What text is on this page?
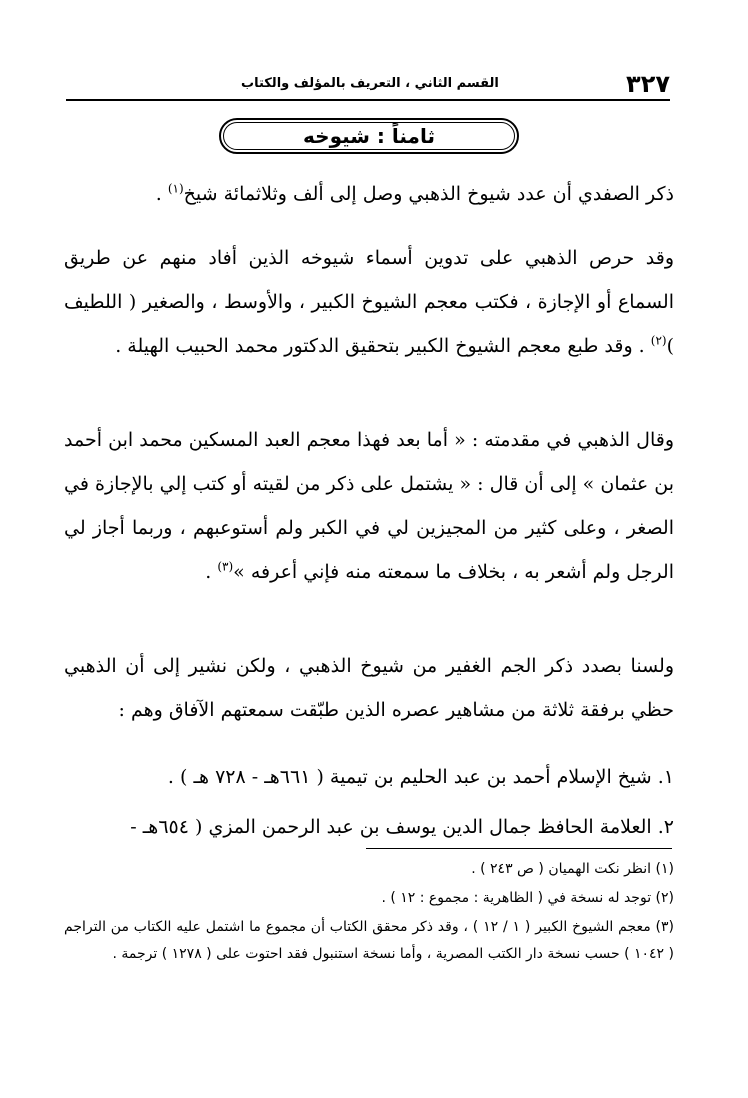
٣٢٧
القسم الثاني ، التعريف بالمؤلف والكتاب
ثامناً : شيوخه
ذكر الصفدي أن عدد شيوخ الذهبي وصل إلى ألف وثلاثمائة شيخ$^{(١)}$ .
وقد حرص الذهبي على تدوين أسماء شيوخه الذين أفاد منهم عن طريق السماع أو الإجازة ، فكتب معجم الشيوخ الكبير ، والأوسط ، والصغير ( اللطيف )$^{(٢)}$ . وقد طبع معجم الشيوخ الكبير بتحقيق الدكتور محمد الحبيب الهيلة .
وقال الذهبي في مقدمته : « أما بعد فهذا معجم العبد المسكين محمد ابن أحمد بن عثمان » إلى أن قال : « يشتمل على ذكر من لقيته أو كتب إلي بالإجازة في الصغر ، وعلى كثير من المجيزين لي في الكبر ولم أستوعبهم ، وربما أجاز لي الرجل ولم أشعر به ، بخلاف ما سمعته منه فإني أعرفه »$^{(٣)}$ .
ولسنا بصدد ذكر الجم الغفير من شيوخ الذهبي ، ولكن نشير إلى أن الذهبي حظي برفقة ثلاثة من مشاهير عصره الذين طبّقت سمعتهم الآفاق وهم :
١. شيخ الإسلام أحمد بن عبد الحليم بن تيمية ( ٦٦١هـ - ٧٢٨ هـ ) .
٢. العلامة الحافظ جمال الدين يوسف بن عبد الرحمن المزي ( ٦٥٤هـ -

(١) انظر نكت الهميان ( ص ٢٤٣ ) .

(٢) توجد له نسخة في ( الظاهرية : مجموع : ١٢ ) .

(٣) معجم الشيوخ الكبير ( ١ / ١٢ ) ، وقد ذكر محقق الكتاب أن مجموع ما اشتمل عليه الكتاب من التراجم ( ١٠٤٢ ) حسب نسخة دار الكتب المصرية ، وأما نسخة استنبول فقد احتوت على ( ١٢٧٨ ) ترجمة .
